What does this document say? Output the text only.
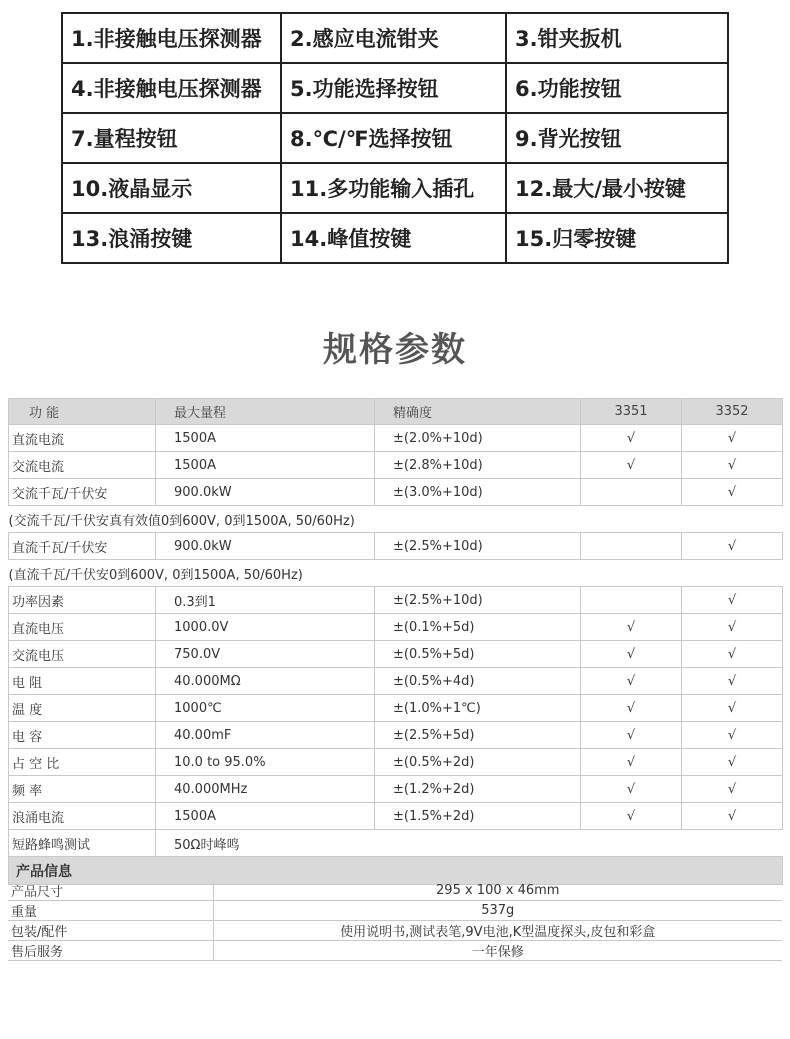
1.非接触电压探测器	2.感应电流钳夹	3.钳夹扳机
4.非接触电压探测器	5.功能选择按钮	6.功能按钮
7.量程按钮	8.℃/℉选择按钮	9.背光按钮
10.液晶显示	11.多功能输入插孔	12.最大/最小按键
13.浪涌按键	14.峰值按键	15.归零按键
规格参数
功 能	最大量程	精确度	3351	3352
直流电流	1500A	±(2.0%+10d)	√	√
交流电流	1500A	±(2.8%+10d)	√	√
交流千瓦/千伏安	900.0kW	±(3.0%+10d)		√
(交流千瓦/千伏安真有效值0到600V, 0到1500A, 50/60Hz)				
直流千瓦/千伏安	900.0kW	±(2.5%+10d)		√
(直流千瓦/千伏安0到600V, 0到1500A, 50/60Hz)				
功率因素	0.3到1	±(2.5%+10d)		√
直流电压	1000.0V	±(0.1%+5d)	√	√
交流电压	750.0V	±(0.5%+5d)	√	√
电 阻	40.000MΩ	±(0.5%+4d)	√	√
温 度	1000℃	±(1.0%+1℃)	√	√
电 容	40.00mF	±(2.5%+5d)	√	√
占 空 比	10.0 to 95.0%	±(0.5%+2d)	√	√
频 率	40.000MHz	±(1.2%+2d)	√	√
浪涌电流	1500A	±(1.5%+2d)	√	√
短路蜂鸣测试	50Ω时峰鸣			
产品信息				
产品尺寸	295 x 100 x 46mm
重量	537g
包装/配件	使用说明书,测试表笔,9V电池,K型温度探头,皮包和彩盒
售后服务	一年保修
